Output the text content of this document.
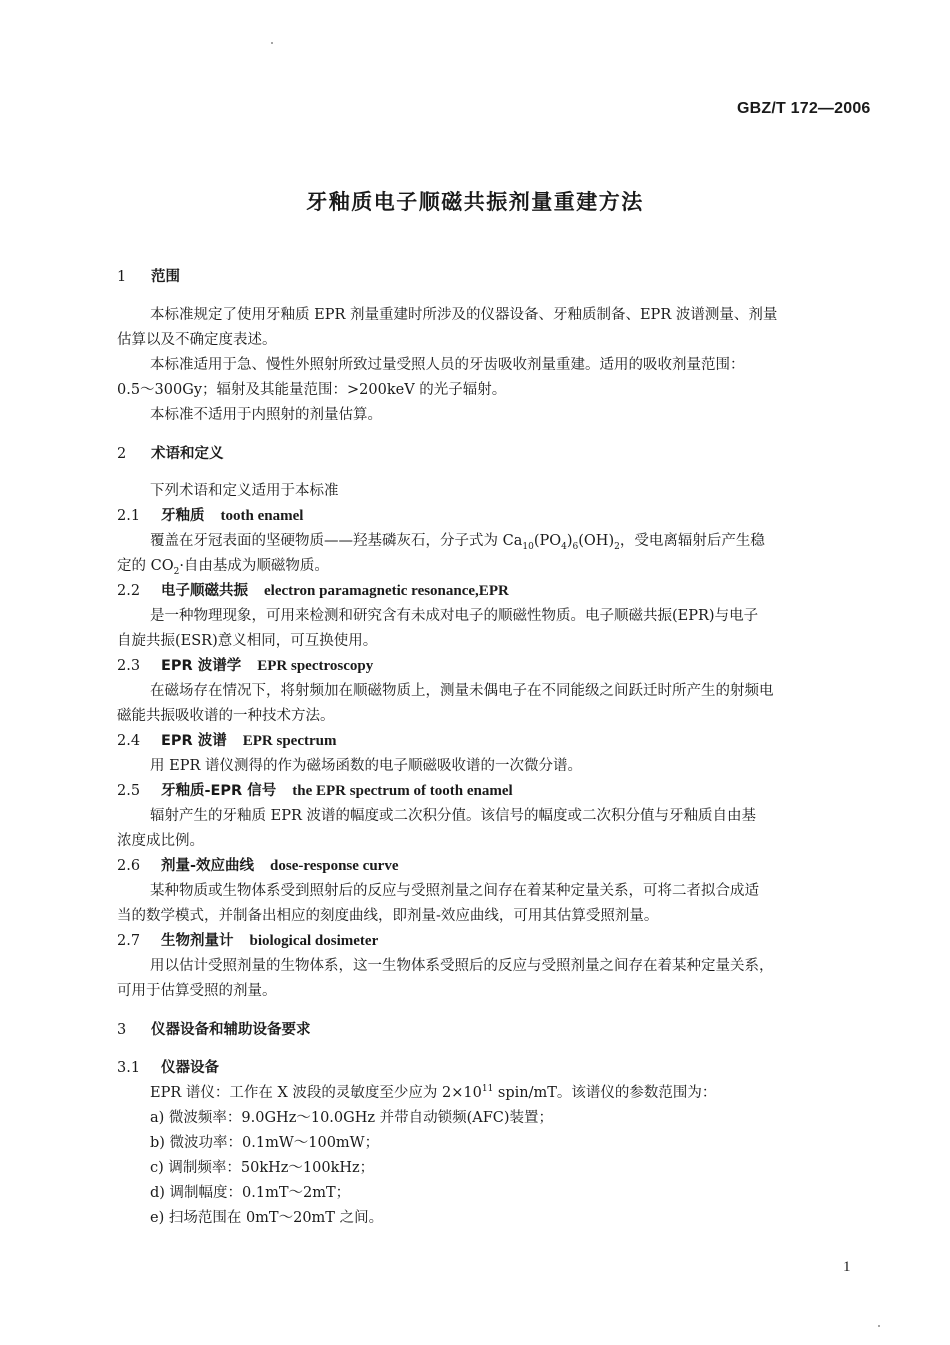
GBZ/T 172—2006
牙釉质电子顺磁共振剂量重建方法
1 范围
本标准规定了使用牙釉质 EPR 剂量重建时所涉及的仪器设备、牙釉质制备、EPR 波谱测量、剂量
估算以及不确定度表述。
本标准适用于急、慢性外照射所致过量受照人员的牙齿吸收剂量重建。适用的吸收剂量范围：
0.5～300Gy；辐射及其能量范围：>200keV 的光子辐射。
本标准不适用于内照射的剂量估算。
2 术语和定义
下列术语和定义适用于本标准
2.1 牙釉质 tooth enamel
覆盖在牙冠表面的坚硬物质——羟基磷灰石，分子式为 $Ca_{10}(PO_4)_6(OH)_2$，受电离辐射后产生稳
定的 $CO_2\cdot$自由基成为顺磁物质。
2.2 电子顺磁共振 electron paramagnetic resonance,EPR
是一种物理现象，可用来检测和研究含有未成对电子的顺磁性物质。电子顺磁共振(EPR)与电子
自旋共振(ESR)意义相同，可互换使用。
2.3 EPR 波谱学 EPR spectroscopy
在磁场存在情况下，将射频加在顺磁物质上，测量未偶电子在不同能级之间跃迁时所产生的射频电
磁能共振吸收谱的一种技术方法。
2.4 EPR 波谱 EPR spectrum
用 EPR 谱仪测得的作为磁场函数的电子顺磁吸收谱的一次微分谱。
2.5 牙釉质-EPR 信号 the EPR spectrum of tooth enamel
辐射产生的牙釉质 EPR 波谱的幅度或二次积分值。该信号的幅度或二次积分值与牙釉质自由基
浓度成比例。
2.6 剂量-效应曲线 dose-response curve
某种物质或生物体系受到照射后的反应与受照剂量之间存在着某种定量关系，可将二者拟合成适
当的数学模式，并制备出相应的刻度曲线，即剂量-效应曲线，可用其估算受照剂量。
2.7 生物剂量计 biological dosimeter
用以估计受照剂量的生物体系，这一生物体系受照后的反应与受照剂量之间存在着某种定量关系，
可用于估算受照的剂量。
3 仪器设备和辅助设备要求
3.1 仪器设备
EPR 谱仪：工作在 X 波段的灵敏度至少应为 $2\times 10^{11}$ spin/mT。该谱仪的参数范围为：
a) 微波频率：9.0GHz～10.0GHz 并带自动锁频(AFC)装置；
b) 微波功率：0.1mW～100mW；
c) 调制频率：50kHz～100kHz；
d) 调制幅度：0.1mT～2mT；
e) 扫场范围在 0mT～20mT 之间。
1
